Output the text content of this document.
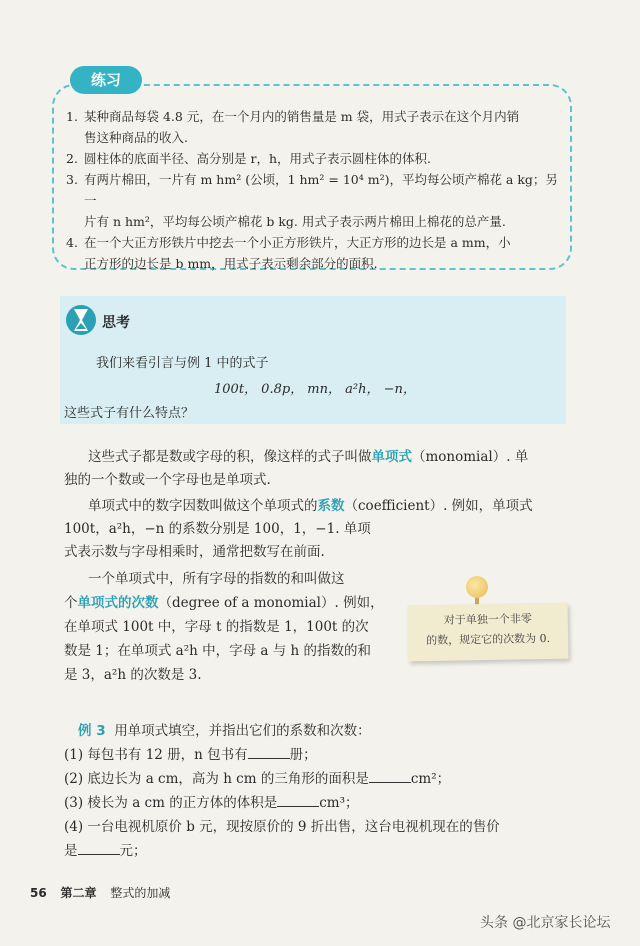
练习
1. 某种商品每袋 4.8 元，在一个月内的销售量是 m 袋，用式子表示在这个月内销
售这种商品的收入.
2. 圆柱体的底面半径、高分别是 r，h，用式子表示圆柱体的体积.
3. 有两片棉田，一片有 m hm² (公顷，1 hm² = 10⁴ m²)，平均每公顷产棉花 a kg；另一
片有 n hm²，平均每公顷产棉花 b kg. 用式子表示两片棉田上棉花的总产量.
4. 在一个大正方形铁片中挖去一个小正方形铁片，大正方形的边长是 a mm，小
正方形的边长是 b mm，用式子表示剩余部分的面积.
思考
我们来看引言与例 1 中的式子
100t， 0.8p， mn， a²h， −n，
这些式子有什么特点？
这些式子都是数或字母的积，像这样的式子叫做单项式（monomial）. 单
独的一个数或一个字母也是单项式.
单项式中的数字因数叫做这个单项式的系数（coefficient）. 例如，单项式
100t，a²h，−n 的系数分别是 100，1，−1. 单项
式表示数与字母相乘时，通常把数写在前面.
一个单项式中，所有字母的指数的和叫做这
个单项式的次数（degree of a monomial）. 例如，
在单项式 100t 中，字母 t 的指数是 1，100t 的次
数是 1；在单项式 a²h 中，字母 a 与 h 的指数的和
是 3，a²h 的次数是 3.
对于单独一个非零
的数，规定它的次数为 0.
例 3 用单项式填空，并指出它们的系数和次数：
(1) 每包书有 12 册，n 包书有	册；
(2) 底边长为 a cm，高为 h cm 的三角形的面积是	cm²；
(3) 棱长为 a cm 的正方体的体积是	cm³；
(4) 一台电视机原价 b 元，现按原价的 9 折出售，这台电视机现在的售价
是	元；
56 第二章 整式的加减
头条 @北京家长论坛
